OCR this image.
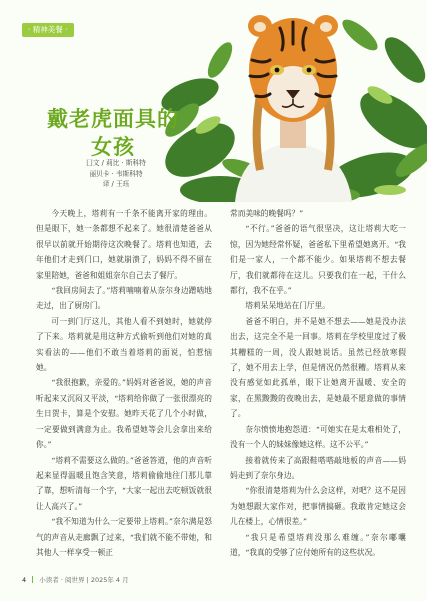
· 精神美餐 ·
戴老虎面具的
女孩
囗文 / 莉比 · 斯科特
丽贝卡 · 韦斯科特
译 / 王珏

今天晚上，塔莉有一千条不能离开家的理由。但是眼下，她一条都想不起来了。她很清楚爸爸从很早以前就开始期待这次晚餐了。塔莉也知道，去年他们才走到门口，她就崩溃了，妈妈不得不留在家里陪她，爸爸和姐姐奈尔自己去了餐厅。

“我回房间去了。”塔莉喃喃着从奈尔身边蹭啮地走过，出了厨房门。

可一到门厅这儿，其他人看不到她时，她就停了下来。塔莉就是用这种方式偷听到他们对她的真实看法的——他们不敢当着塔莉的面说，怕惹恼她。

“我很抱歉，亲爱的。”妈妈对爸爸说，她的声音听起来又沉闷又平淡，“塔莉给你做了一张很漂亮的生日贺卡，算是个安慰。她昨天花了几个小时做，一定要做到满意为止。我希望她等会儿会拿出来给你。”

“塔莉不需要这么做的。”爸爸答道，他的声音听起来显得温暖且饱含笑意，塔莉偷偷地往门那儿靠了靠，想听清每一个字，“大家一起出去吃顿饭就很让人高兴了。”

“我不知道为什么一定要带上塔莉。”奈尔满是怒气的声音从走廊飘了过来，“我们就不能不带她，和其他人一样享受一顿正

常而美味的晚餐吗？”

“不行。”爸爸的语气很坚决，这让塔莉大吃一惊，因为她经常怀疑，爸爸私下里希望她离开。“我们是一家人，一个都不能少。如果塔莉不想去餐厅，我们就都待在这儿。只要我们在一起，干什么都行，我不在乎。”

塔莉呆呆地站在门厅里。

爸爸不明白，并不是她不想去——她是没办法出去，这完全不是一回事。塔莉在学校里度过了极其糟糕的一周，没人跟她说话。虽然已经放寒假了，她不用去上学，但是情况仍然很糟。塔莉从来没有感觉如此孤单，眼下让她离开温暖、安全的家，在黑黢黢的夜晚出去，是她最不愿意做的事情了。

奈尔愤愤地抱怨道：“可她实在是太难相处了，没有一个人的妹妹像她这样。这不公平。”

接着就传来了高跟鞋嗒嗒敲地板的声音——妈妈走到了奈尔身边。

“你很清楚塔莉为什么会这样，对吧？这不是因为她想跟大家作对，把事情搞砸。我敢肯定她这会儿在楼上，心情很差。”

“我只是希望塔莉没那么难缠。”奈尔嘟囔道，“我真的受够了应付她所有的这些状况。

4 小读者 · 阅世界 | 2025年 4 月
